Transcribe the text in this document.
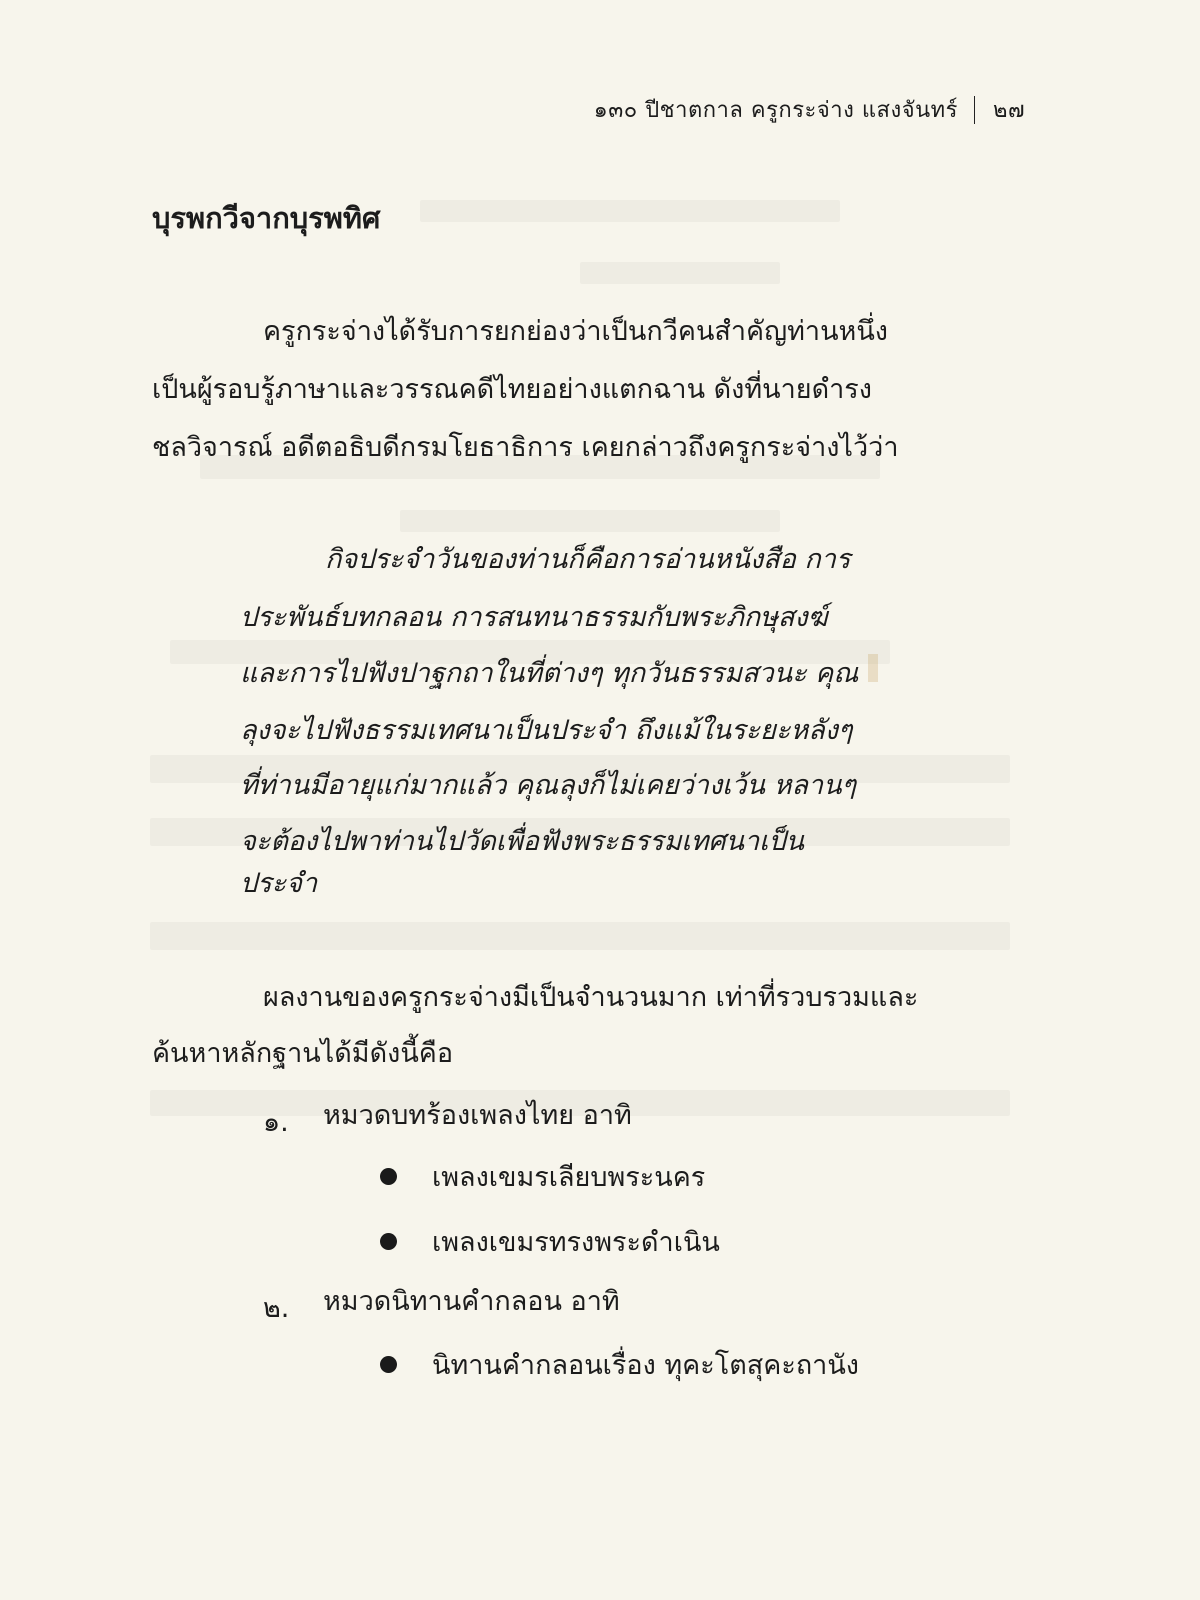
๑๓๐ ปีชาตกาล ครูกระจ่าง แสงจันทร์ ๒๗
บุรพกวีจากบุรพทิศ
ครูกระจ่างได้รับการยกย่องว่าเป็นกวีคนสำคัญท่านหนึ่ง
เป็นผู้รอบรู้ภาษาและวรรณคดีไทยอย่างแตกฉาน ดังที่นายดำรง
ชลวิจารณ์ อดีตอธิบดีกรมโยธาธิการ เคยกล่าวถึงครูกระจ่างไว้ว่า
กิจประจำวันของท่านก็คือการอ่านหนังสือ การ
ประพันธ์บทกลอน การสนทนาธรรมกับพระภิกษุสงฆ์
และการไปฟังปาฐกถาในที่ต่างๆ ทุกวันธรรมสวนะ คุณ
ลุงจะไปฟังธรรมเทศนาเป็นประจำ ถึงแม้ในระยะหลังๆ
ที่ท่านมีอายุแก่มากแล้ว คุณลุงก็ไม่เคยว่างเว้น หลานๆ
จะต้องไปพาท่านไปวัดเพื่อฟังพระธรรมเทศนาเป็น
ประจำ
ผลงานของครูกระจ่างมีเป็นจำนวนมาก เท่าที่รวบรวมและ
ค้นหาหลักฐานได้มีดังนี้คือ
๑. หมวดบทร้องเพลงไทย อาทิ
เพลงเขมรเลียบพระนคร
เพลงเขมรทรงพระดำเนิน
๒. หมวดนิทานคำกลอน อาทิ
นิทานคำกลอนเรื่อง ทุคะโตสุคะถานัง
